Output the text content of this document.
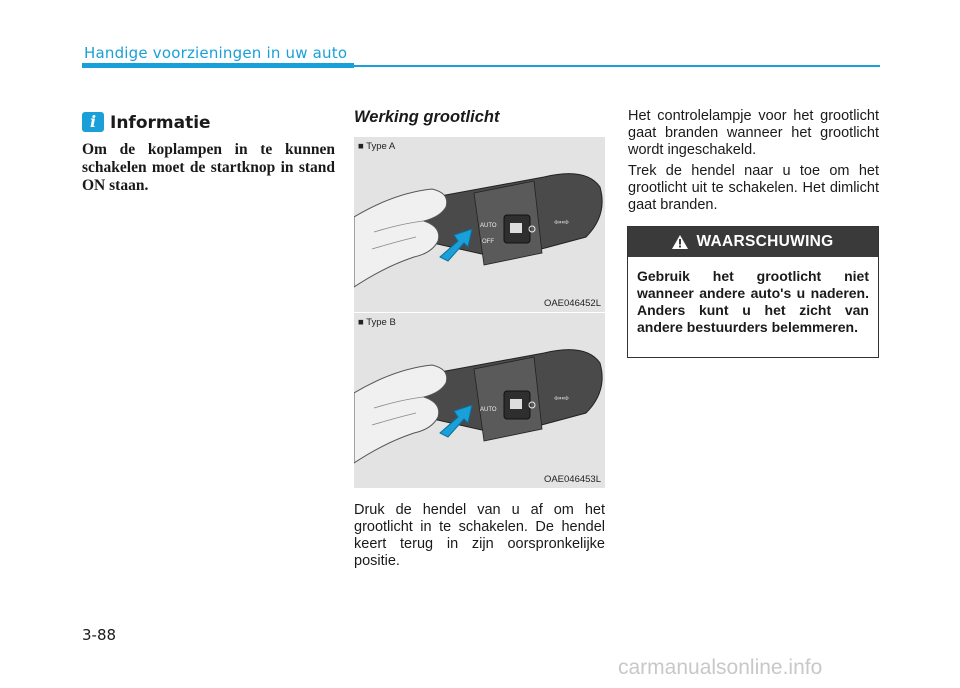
Handige voorzieningen in uw auto
i Informatie
Om de koplampen in te kunnen schakelen moet de startknop in stand ON staan.
Werking grootlicht
AUTO
OFF
⇦⇨
■ Type A
OAE046452L
AUTO
⇦⇨
■ Type B
OAE046453L
Druk de hendel van u af om het grootlicht in te schakelen. De hendel keert terug in zijn oorspronkelijke positie.
Het controlelampje voor het grootlicht gaat branden wanneer het grootlicht wordt ingeschakeld.
Trek de hendel naar u toe om het grootlicht uit te schakelen. Het dimlicht gaat branden.
WAARSCHUWING
Gebruik het grootlicht niet wanneer andere auto's u naderen. Anders kunt u het zicht van andere bestuurders belemmeren.
3-88
carmanualsonline.info
